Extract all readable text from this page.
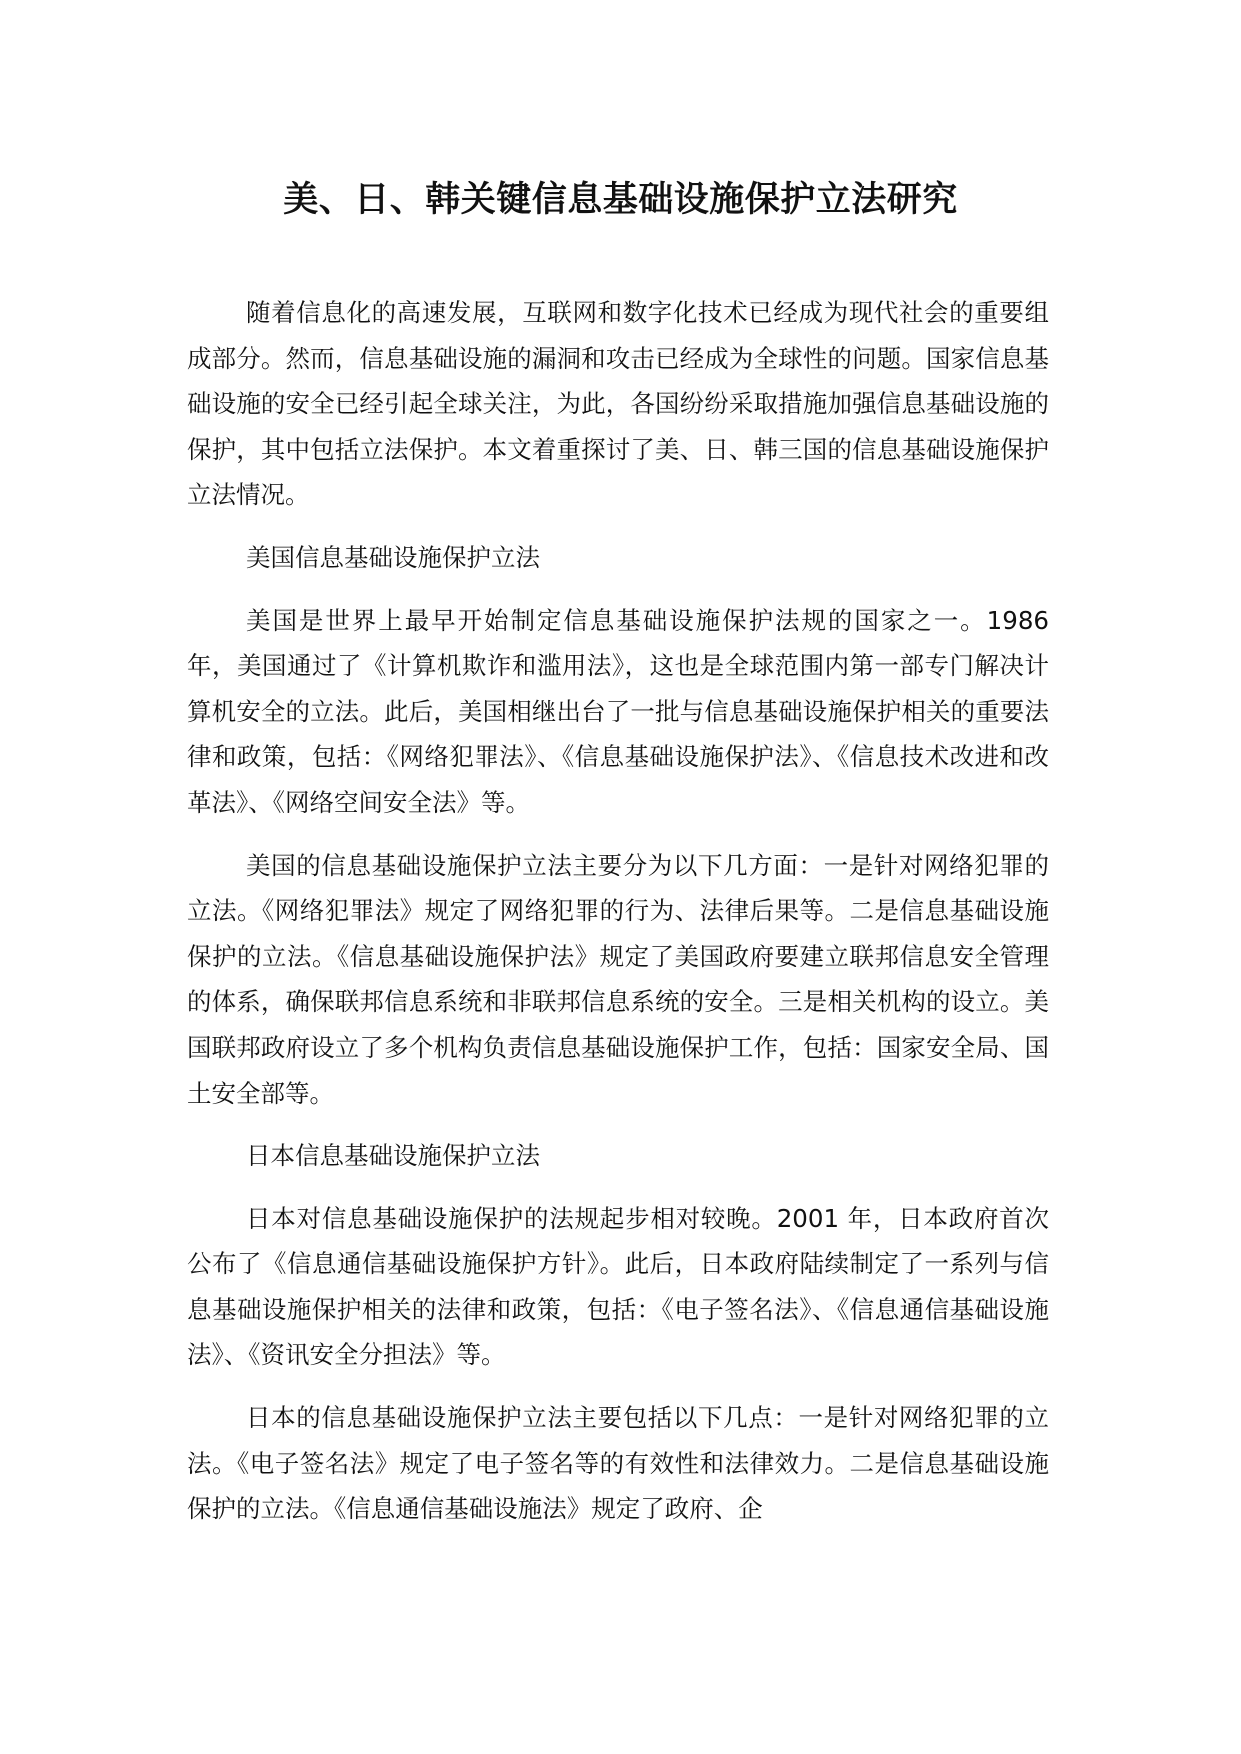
美、日、韩关键信息基础设施保护立法研究

随着信息化的高速发展，互联网和数字化技术已经成为现代社会的重要组成部分。然而，信息基础设施的漏洞和攻击已经成为全球性的问题。国家信息基础设施的安全已经引起全球关注，为此，各国纷纷采取措施加强信息基础设施的保护，其中包括立法保护。本文着重探讨了美、日、韩三国的信息基础设施保护立法情况。

美国信息基础设施保护立法

美国是世界上最早开始制定信息基础设施保护法规的国家之一。1986 年，美国通过了《计算机欺诈和滥用法》，这也是全球范围内第一部专门解决计算机安全的立法。此后，美国相继出台了一批与信息基础设施保护相关的重要法律和政策，包括：《网络犯罪法》、《信息基础设施保护法》、《信息技术改进和改革法》、《网络空间安全法》等。

美国的信息基础设施保护立法主要分为以下几方面：一是针对网络犯罪的立法。《网络犯罪法》规定了网络犯罪的行为、法律后果等。二是信息基础设施保护的立法。《信息基础设施保护法》规定了美国政府要建立联邦信息安全管理的体系，确保联邦信息系统和非联邦信息系统的安全。三是相关机构的设立。美国联邦政府设立了多个机构负责信息基础设施保护工作，包括：国家安全局、国土安全部等。

日本信息基础设施保护立法

日本对信息基础设施保护的法规起步相对较晚。2001 年，日本政府首次公布了《信息通信基础设施保护方针》。此后，日本政府陆续制定了一系列与信息基础设施保护相关的法律和政策，包括：《电子签名法》、《信息通信基础设施法》、《资讯安全分担法》等。

日本的信息基础设施保护立法主要包括以下几点：一是针对网络犯罪的立法。《电子签名法》规定了电子签名等的有效性和法律效力。二是信息基础设施保护的立法。《信息通信基础设施法》规定了政府、企
